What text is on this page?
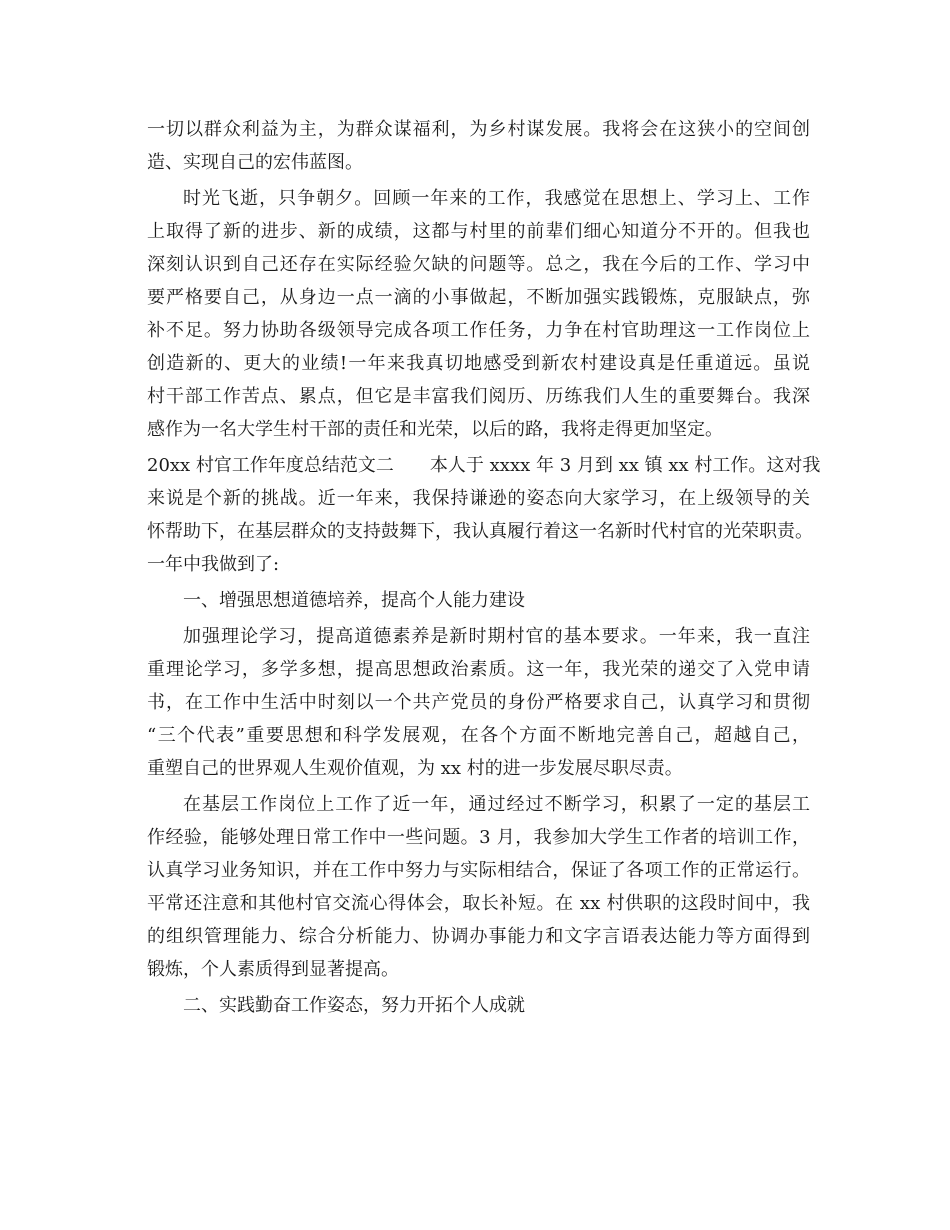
一切以群众利益为主，为群众谋福利，为乡村谋发展。我将会在这狭小的空间创
造、实现自己的宏伟蓝图。
时光飞逝，只争朝夕。回顾一年来的工作，我感觉在思想上、学习上、工作
上取得了新的进步、新的成绩，这都与村里的前辈们细心知道分不开的。但我也
深刻认识到自己还存在实际经验欠缺的问题等。总之，我在今后的工作、学习中
要严格要自己，从身边一点一滴的小事做起，不断加强实践锻炼，克服缺点，弥
补不足。努力协助各级领导完成各项工作任务，力争在村官助理这一工作岗位上
创造新的、更大的业绩!一年来我真切地感受到新农村建设真是任重道远。虽说
村干部工作苦点、累点，但它是丰富我们阅历、历练我们人生的重要舞台。我深
感作为一名大学生村干部的责任和光荣，以后的路，我将走得更加坚定。
20xx 村官工作年度总结范文二　　本人于 xxxx 年 3 月到 xx 镇 xx 村工作。这对我
来说是个新的挑战。近一年来，我保持谦逊的姿态向大家学习，在上级领导的关
怀帮助下，在基层群众的支持鼓舞下，我认真履行着这一名新时代村官的光荣职责。
一年中我做到了:
一、增强思想道德培养，提高个人能力建设
加强理论学习，提高道德素养是新时期村官的基本要求。一年来，我一直注
重理论学习，多学多想，提高思想政治素质。这一年，我光荣的递交了入党申请
书，在工作中生活中时刻以一个共产党员的身份严格要求自己，认真学习和贯彻
“三个代表”重要思想和科学发展观，在各个方面不断地完善自己，超越自己，
重塑自己的世界观人生观价值观，为 xx 村的进一步发展尽职尽责。
在基层工作岗位上工作了近一年，通过经过不断学习，积累了一定的基层工
作经验，能够处理日常工作中一些问题。3 月，我参加大学生工作者的培训工作，
认真学习业务知识，并在工作中努力与实际相结合，保证了各项工作的正常运行。
平常还注意和其他村官交流心得体会，取长补短。在 xx 村供职的这段时间中，我
的组织管理能力、综合分析能力、协调办事能力和文字言语表达能力等方面得到
锻炼，个人素质得到显著提高。
二、实践勤奋工作姿态，努力开拓个人成就
